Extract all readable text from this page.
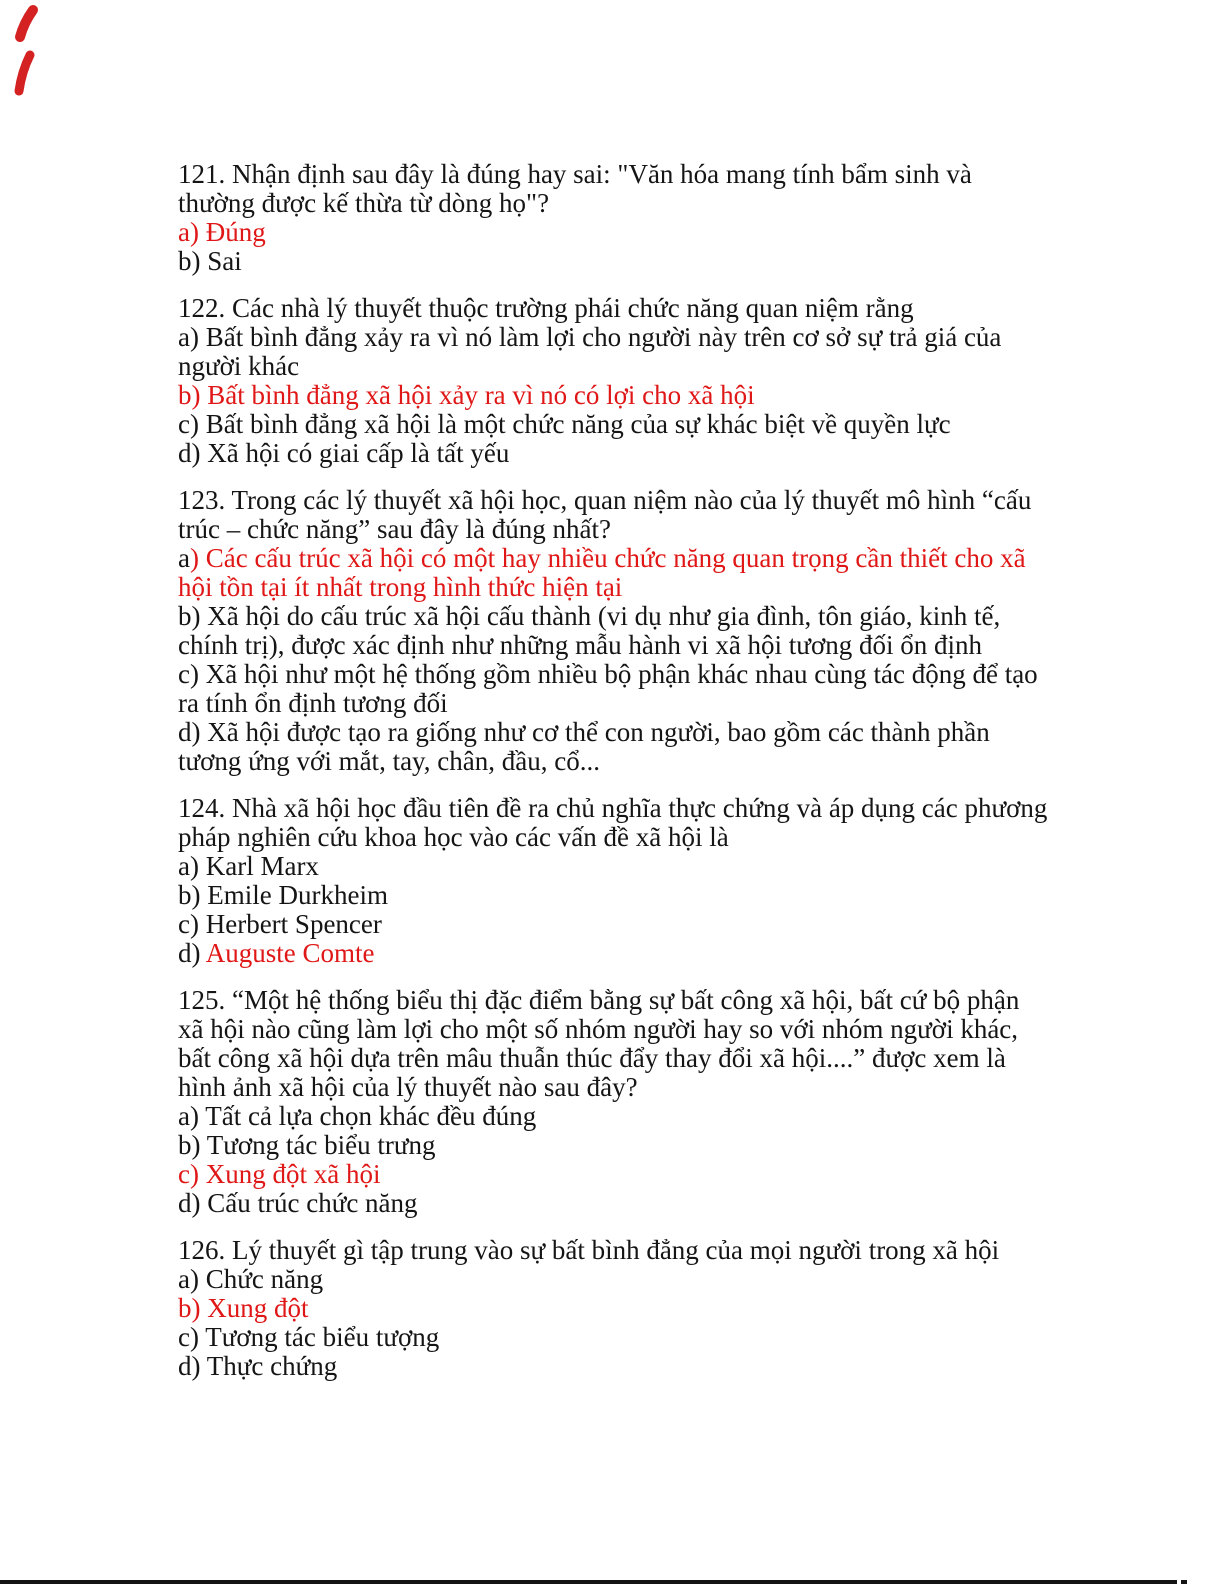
121. Nhận định sau đây là đúng hay sai: "Văn hóa mang tính bẩm sinh và thường được kế thừa từ dòng họ"?

a) Đúng

b) Sai

122. Các nhà lý thuyết thuộc trường phái chức năng quan niệm rằng

a) Bất bình đẳng xảy ra vì nó làm lợi cho người này trên cơ sở sự trả giá của người khác

b) Bất bình đẳng xã hội xảy ra vì nó có lợi cho xã hội

c) Bất bình đẳng xã hội là một chức năng của sự khác biệt về quyền lực

d) Xã hội có giai cấp là tất yếu

123. Trong các lý thuyết xã hội học, quan niệm nào của lý thuyết mô hình “cấu trúc – chức năng” sau đây là đúng nhất?

a) Các cấu trúc xã hội có một hay nhiều chức năng quan trọng cần thiết cho xã hội tồn tại ít nhất trong hình thức hiện tại

b) Xã hội do cấu trúc xã hội cấu thành (vi dụ như gia đình, tôn giáo, kinh tế, chính trị), được xác định như những mẫu hành vi xã hội tương đối ổn định

c) Xã hội như một hệ thống gồm nhiều bộ phận khác nhau cùng tác động để tạo ra tính ổn định tương đối

d) Xã hội được tạo ra giống như cơ thể con người, bao gồm các thành phần tương ứng với mắt, tay, chân, đầu, cổ...

124. Nhà xã hội học đầu tiên đề ra chủ nghĩa thực chứng và áp dụng các phương pháp nghiên cứu khoa học vào các vấn đề xã hội là

a) Karl Marx

b) Emile Durkheim

c) Herbert Spencer

d) Auguste Comte

125. “Một hệ thống biểu thị đặc điểm bằng sự bất công xã hội, bất cứ bộ phận xã hội nào cũng làm lợi cho một số nhóm người hay so với nhóm người khác, bất công xã hội dựa trên mâu thuẫn thúc đẩy thay đổi xã hội....” được xem là hình ảnh xã hội của lý thuyết nào sau đây?

a) Tất cả lựa chọn khác đều đúng

b) Tương tác biểu trưng

c) Xung đột xã hội

d) Cấu trúc chức năng

126. Lý thuyết gì tập trung vào sự bất bình đẳng của mọi người trong xã hội

a) Chức năng

b) Xung đột

c) Tương tác biểu tượng

d) Thực chứng
